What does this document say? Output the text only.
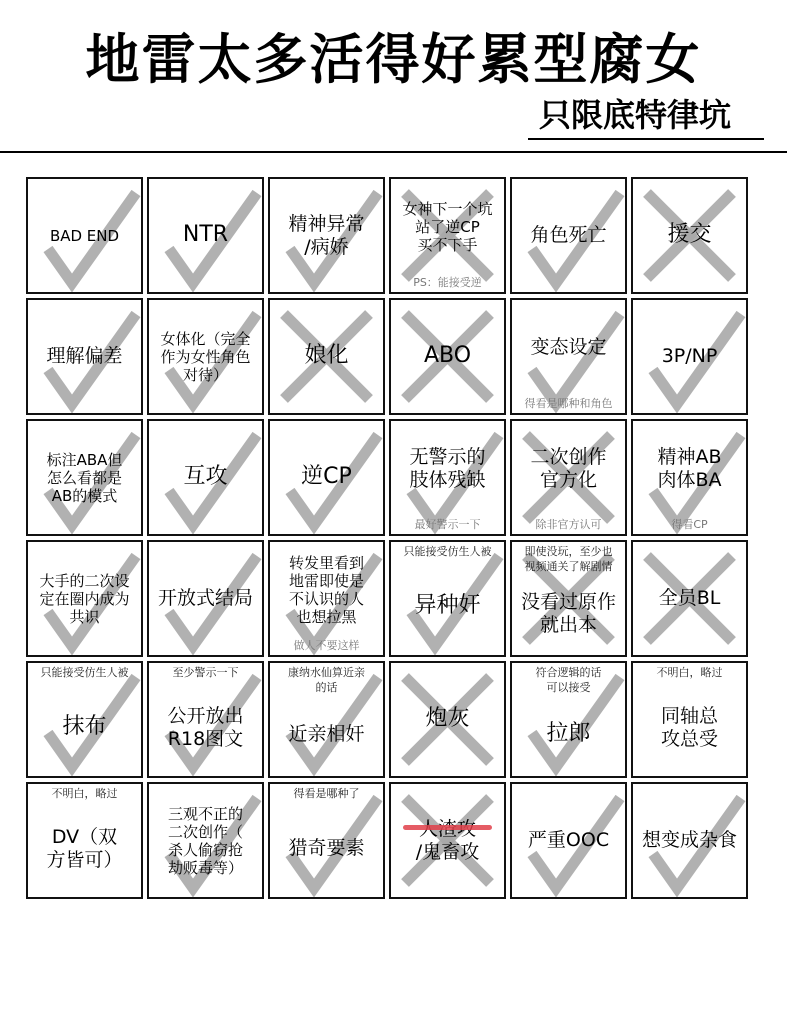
地雷太多活得好累型腐女
只限底特律坑
BAD END	NTR	精神异常
/病娇
PS：能接受逆
女神下一个坑
站了逆CP
买不下手	角色死亡	援交
理解偏差
女体化（完全
作为女性角色
对待）
娘化	ABO
得看是哪种和角色
变态设定	3P/NP
标注ABA但
怎么看都是
AB的模式
互攻	逆CP
最好警示一下
无警示的
肢体残缺
除非官方认可
二次创作
官方化
得看CP
精神AB
肉体BA
大手的二次设
定在圈内成为
共识
开放式结局
做人不要这样
转发里看到
地雷即使是
不认识的人
也想拉黑
只能接受仿生人被
异种奸
即使没玩，至少也
视频通关了解剧情
没看过原作
就出本
全员BL
只能接受仿生人被
抹布
至少警示一下
公开放出
R18图文
康纳水仙算近亲
的话
近亲相奸
炮灰
符合逻辑的话
可以接受
拉郎
不明白，略过
同轴总
攻总受
不明白，略过
DV（双
方皆可）
三观不正的
二次创作（
杀人偷窃抢
劫贩毒等）
得看是哪种了
猎奇要素	
/鬼畜攻
严重OOC 想变成杂食
